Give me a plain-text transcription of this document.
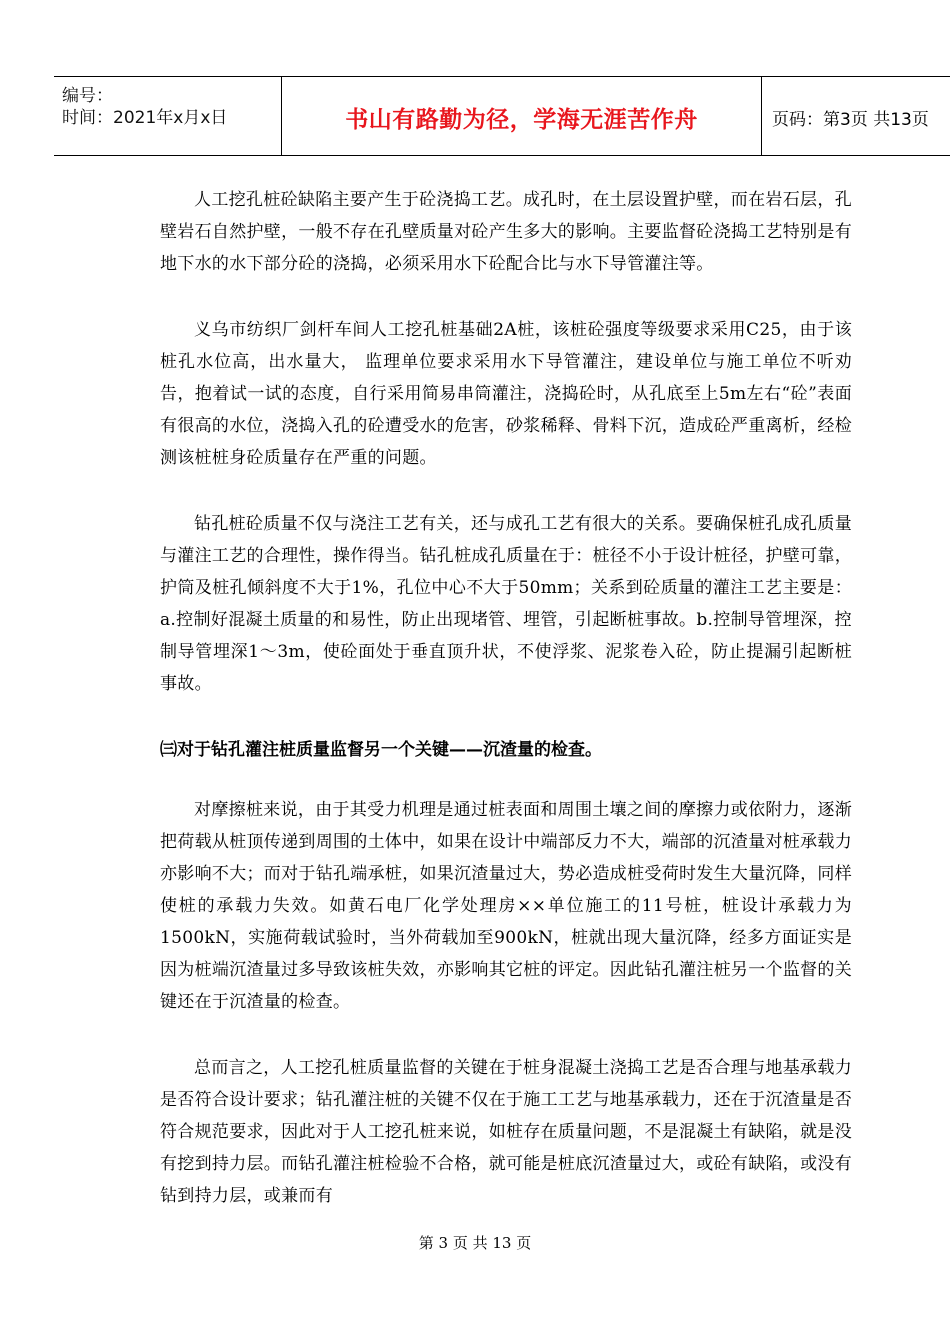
编号：
时间：2021年x月x日	书山有路勤为径，学海无涯苦作舟	页码：第3页 共13页

人工挖孔桩砼缺陷主要产生于砼浇捣工艺。成孔时，在土层设置护壁，而在岩石层，孔壁岩石自然护壁，一般不存在孔壁质量对砼产生多大的影响。主要监督砼浇捣工艺特别是有地下水的水下部分砼的浇捣，必须采用水下砼配合比与水下导管灌注等。

义乌市纺织厂剑杆车间人工挖孔桩基础2A桩，该桩砼强度等级要求采用C25，由于该桩孔水位高，出水量大， 监理单位要求采用水下导管灌注，建设单位与施工单位不听劝告，抱着试一试的态度，自行采用简易串筒灌注，浇捣砼时，从孔底至上5m左右“砼”表面有很高的水位，浇捣入孔的砼遭受水的危害，砂浆稀释、骨料下沉，造成砼严重离析，经检测该桩桩身砼质量存在严重的问题。

钻孔桩砼质量不仅与浇注工艺有关，还与成孔工艺有很大的关系。要确保桩孔成孔质量与灌注工艺的合理性，操作得当。钻孔桩成孔质量在于：桩径不小于设计桩径，护壁可靠，护筒及桩孔倾斜度不大于1%，孔位中心不大于50mm；关系到砼质量的灌注工艺主要是：a.控制好混凝土质量的和易性，防止出现堵管、埋管，引起断桩事故。b.控制导管埋深，控制导管埋深1～3m，使砼面处于垂直顶升状，不使浮浆、泥浆卷入砼，防止提漏引起断桩事故。

㈢对于钻孔灌注桩质量监督另一个关键——沉渣量的检查。

对摩擦桩来说，由于其受力机理是通过桩表面和周围土壤之间的摩擦力或依附力，逐渐把荷载从桩顶传递到周围的土体中，如果在设计中端部反力不大，端部的沉渣量对桩承载力亦影响不大；而对于钻孔端承桩，如果沉渣量过大，势必造成桩受荷时发生大量沉降，同样使桩的承载力失效。如黄石电厂化学处理房××单位施工的11号桩，桩设计承载力为1500kN，实施荷载试验时，当外荷载加至900kN，桩就出现大量沉降，经多方面证实是因为桩端沉渣量过多导致该桩失效，亦影响其它桩的评定。因此钻孔灌注桩另一个监督的关键还在于沉渣量的检查。

总而言之，人工挖孔桩质量监督的关键在于桩身混凝土浇捣工艺是否合理与地基承载力是否符合设计要求；钻孔灌注桩的关键不仅在于施工工艺与地基承载力，还在于沉渣量是否符合规范要求，因此对于人工挖孔桩来说，如桩存在质量问题，不是混凝土有缺陷，就是没有挖到持力层。而钻孔灌注桩检验不合格，就可能是桩底沉渣量过大，或砼有缺陷，或没有钻到持力层，或兼而有

第 3 页 共 13 页
